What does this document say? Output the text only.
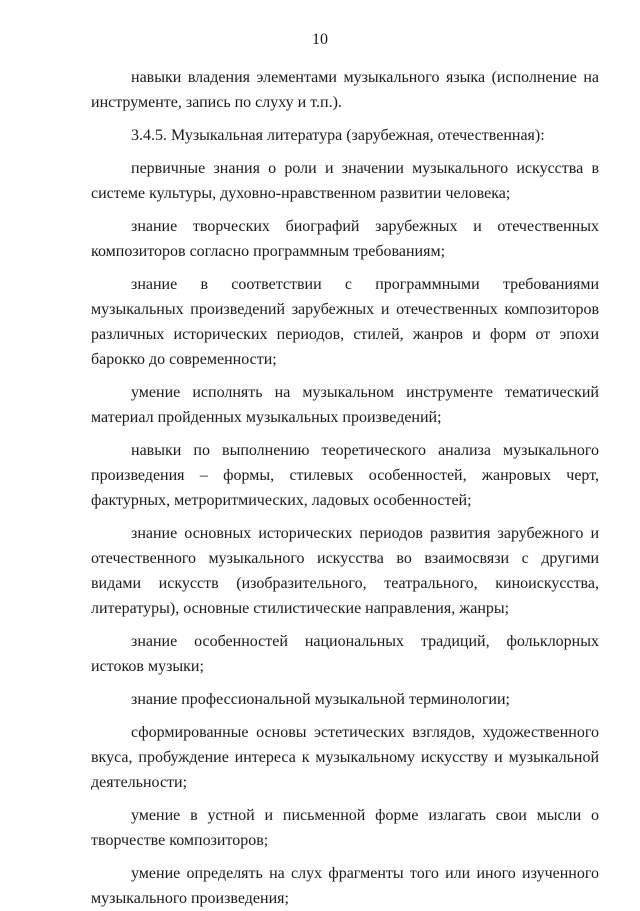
10

навыки владения элементами музыкального языка (исполнение на инструменте, запись по слуху и т.п.).

3.4.5. Музыкальная литература (зарубежная, отечественная):

первичные знания о роли и значении музыкального искусства в системе культуры, духовно-нравственном развитии человека;

знание творческих биографий зарубежных и отечественных композиторов согласно программным требованиям;

знание в соответствии с программными требованиями музыкальных произведений зарубежных и отечественных композиторов различных исторических периодов, стилей, жанров и форм от эпохи барокко до современности;

умение исполнять на музыкальном инструменте тематический материал пройденных музыкальных произведений;

навыки по выполнению теоретического анализа музыкального произведения – формы, стилевых особенностей, жанровых черт, фактурных, метроритмических, ладовых особенностей;

знание основных исторических периодов развития зарубежного и отечественного музыкального искусства во взаимосвязи с другими видами искусств (изобразительного, театрального, киноискусства, литературы), основные стилистические направления, жанры;

знание особенностей национальных традиций, фольклорных истоков музыки;

знание профессиональной музыкальной терминологии;

сформированные основы эстетических взглядов, художественного вкуса, пробуждение интереса к музыкальному искусству и музыкальной деятельности;

умение в устной и письменной форме излагать свои мысли о творчестве композиторов;

умение определять на слух фрагменты того или иного изученного музыкального произведения;
